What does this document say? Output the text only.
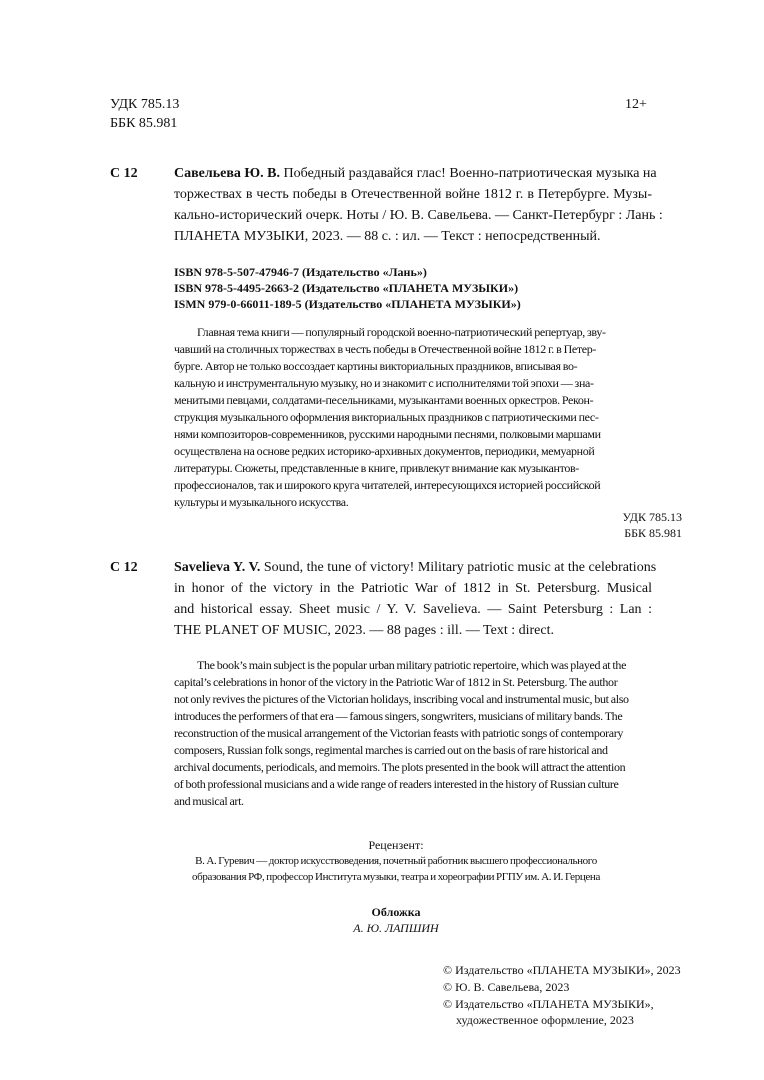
УДК 785.13
ББК 85.981
12+
С 12	Савельева Ю. В. Победный раздавайся глас! Военно-патриотическая музыка на
торжествах в честь победы в Отечественной войне 1812 г. в Петербурге. Музы-
кально-исторический очерк. Ноты / Ю. В. Савельева. — Санкт-Петербург : Лань :
ПЛАНЕТА МУЗЫКИ, 2023. — 88 с. : ил. — Текст : непосредственный.
ISBN 978-5-507-47946-7 (Издательство «Лань»)
ISBN 978-5-4495-2663-2 (Издательство «ПЛАНЕТА МУЗЫКИ»)
ISMN 979-0-66011-189-5 (Издательство «ПЛАНЕТА МУЗЫКИ»)
Главная тема книги — популярный городской военно-патриотический репертуар, зву-
чавший на столичных торжествах в честь победы в Отечественной войне 1812 г. в Петер-
бурге. Автор не только воссоздает картины викториальных праздников, вписывая во-
кальную и инструментальную музыку, но и знакомит с исполнителями той эпохи — зна-
менитыми певцами, солдатами-песельниками, музыкантами военных оркестров. Рекон-
струкция музыкального оформления викториальных праздников с патриотическими пес-
нями композиторов-современников, русскими народными песнями, полковыми маршами
осуществлена на основе редких историко-архивных документов, периодики, мемуарной
литературы. Сюжеты, представленные в книге, привлекут внимание как музыкантов-
профессионалов, так и широкого круга читателей, интересующихся историей российской
культуры и музыкального искусства.
УДК 785.13
ББК 85.981
С 12	Savelieva Y. V. Sound, the tune of victory! Military patriotic music at the celebrations
in honor of the victory in the Patriotic War of 1812 in St. Petersburg. Musical
and historical essay. Sheet music / Y. V. Savelieva. — Saint Petersburg : Lan :
THE PLANET OF MUSIC, 2023. — 88 pages : ill. — Text : direct.
The book’s main subject is the popular urban military patriotic repertoire, which was played at the
capital’s celebrations in honor of the victory in the Patriotic War of 1812 in St. Petersburg. The author
not only revives the pictures of the Victorian holidays, inscribing vocal and instrumental music, but also
introduces the performers of that era — famous singers, songwriters, musicians of military bands. The
reconstruction of the musical arrangement of the Victorian feasts with patriotic songs of contemporary
composers, Russian folk songs, regimental marches is carried out on the basis of rare historical and
archival documents, periodicals, and memoirs. The plots presented in the book will attract the attention
of both professional musicians and a wide range of readers interested in the history of Russian culture
and musical art.
Рецензент:
В. А. Гуревич — доктор искусствоведения, почетный работник высшего профессионального
образования РФ, профессор Института музыки, театра и хореографии РГПУ им. А. И. Герцена
Обложка
А. Ю. ЛАПШИН
© Издательство «ПЛАНЕТА МУЗЫКИ», 2023
© Ю. В. Савельева, 2023
© Издательство «ПЛАНЕТА МУЗЫКИ»,
художественное оформление, 2023
